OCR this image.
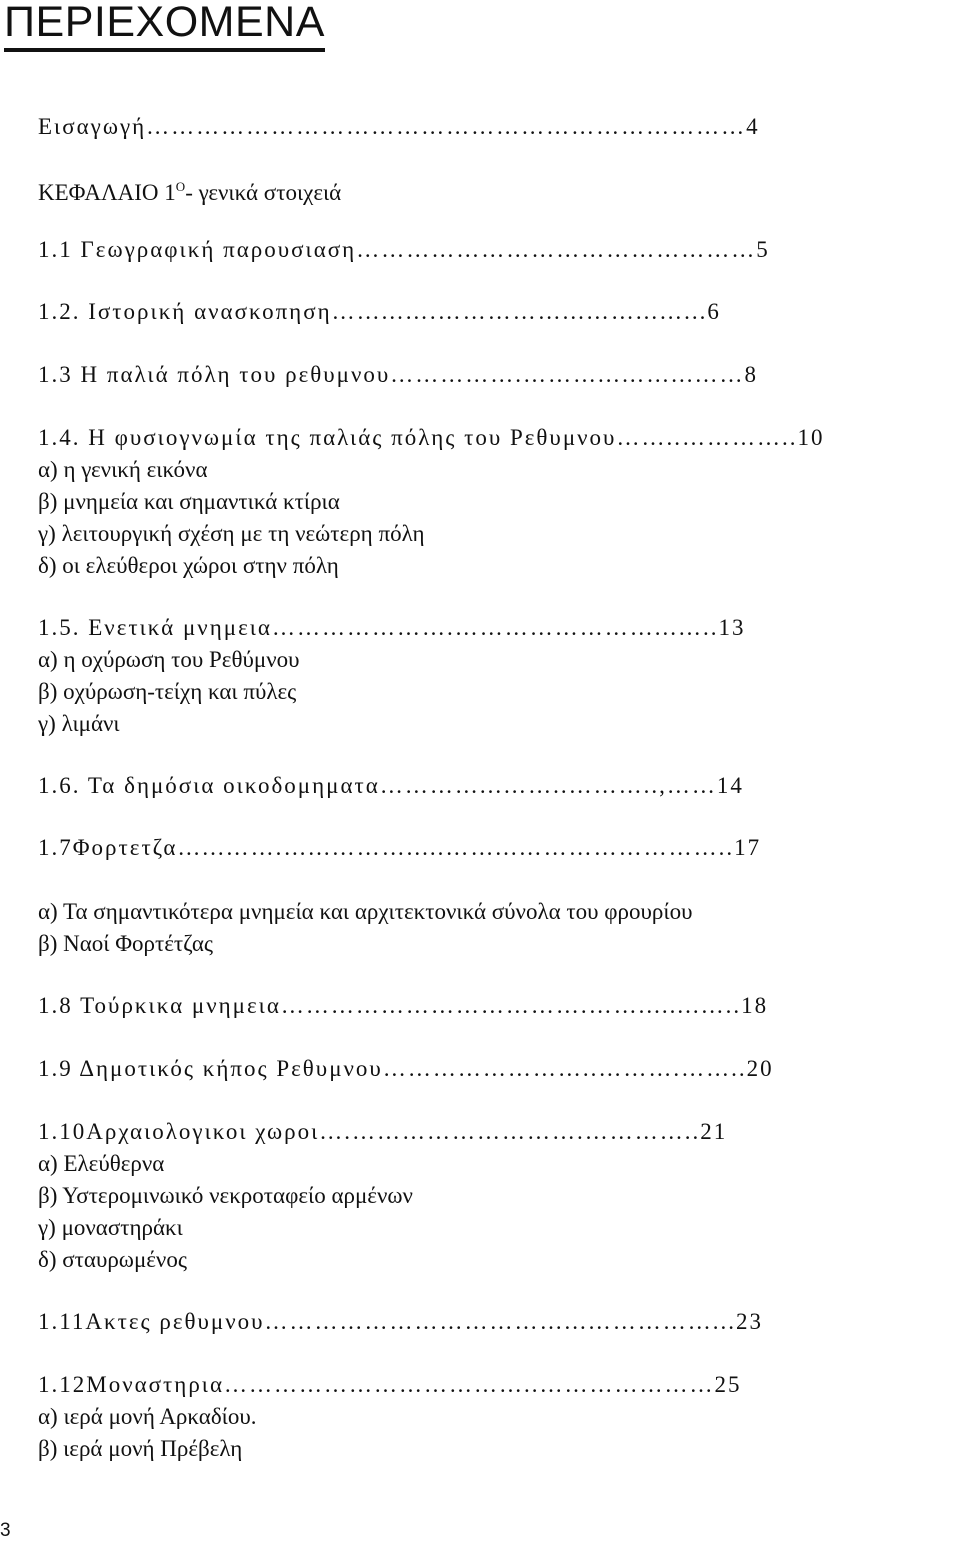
ΠΕΡΙΕΧΟΜΕΝΑ
Εισαγωγή………………………………………………………………4
ΚΕΦΑΛΑΙΟ $1^O-$ γενικά στοιχειά
1.1 Γεωγραφική παρουσιαση…………………………………………5
1.2. Ιστορική ανασκοπηση……...….……………...……...…...6
1.3 Η παλιά πόλη του ρεθυμνου…………….………...……...……8
1.4. Η φυσιογνωμία της παλιάς πόλης του Ρεθυμνου……..…………..10
α) η γενική εικόνα
β) μνημεία και σημαντικά κτίρια
γ) λειτουργική σχέση με τη νεώτερη πόλη
δ) οι ελεύθεροι χώροι στην πόλη
1.5. Ενετικά μνημεια………………….……………………...…..13
α) η οχύρωση του Ρεθύμνου
β) οχύρωση-τείχη και πύλες
γ) λιμάνι
1.6. Τα δημόσια οικοδομηματα…………...……..………..,……14
1.7Φορτετζα…...…….…...……….....……...……………………..17
α) Τα σημαντικότερα μνημεία και αρχιτεκτονικά σύνολα του φρουρίου
β) Ναοί Φορτέτζας
1.8 Τούρκικα μνημεια……………………………….……........…..18
1.9 Δημοτικός κήπος Ρεθυμνου……………………..……….……..20
1.10Αρχαιολογικοι χωροι….……………………….…………..21
α) Ελεύθερνα
β) Υστερομινωικό νεκροταφείο αρμένων
γ) μοναστηράκι
δ) σταυρωμένος
1.11Ακτες ρεθυμνου………………………………...……………...23
1.12Μοναστηρια………………………………..…………………25
α) ιερά μονή Αρκαδίου.
β) ιερά μονή Πρέβελη
3
